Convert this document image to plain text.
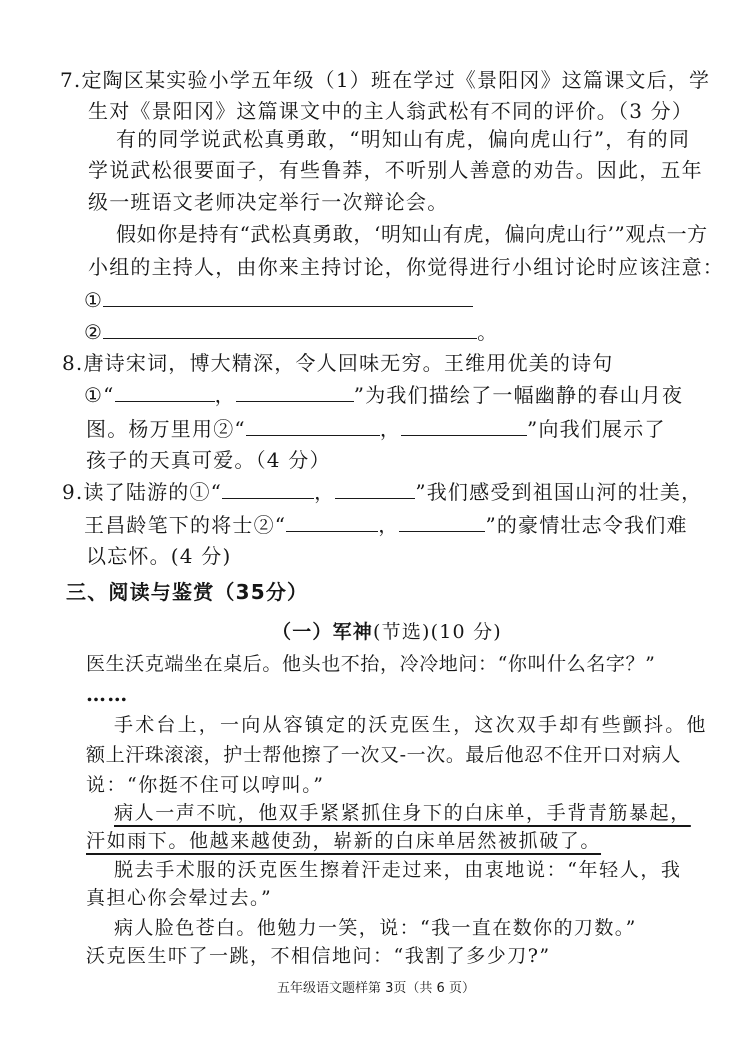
7.定陶区某实验小学五年级（1）班在学过《景阳冈》这篇课文后，学
生对《景阳冈》这篇课文中的主人翁武松有不同的评价。（3 分）
有的同学说武松真勇敢，“明知山有虎，偏向虎山行”，有的同
学说武松很要面子，有些鲁莽，不听别人善意的劝告。因此，五年
级一班语文老师决定举行一次辩论会。
假如你是持有“武松真勇敢，‘明知山有虎，偏向虎山行’”观点一方
小组的主持人，由你来主持讨论，你觉得进行小组讨论时应该注意：
①
②	。
8.唐诗宋词，博大精深，令人回味无穷。王维用优美的诗句
①“	，	”为我们描绘了一幅幽静的春山月夜
图。杨万里用②“	，	”向我们展示了
孩子的天真可爱。（4 分）
9.读了陆游的①“	，	”我们感受到祖国山河的壮美，
王昌龄笔下的将士②“	，	”的豪情壮志令我们难
以忘怀。(4 分)
三、阅读与鉴赏（35分）
（一）军神(节选)(10 分)
医生沃克端坐在桌后。他头也不抬，冷冷地问：“你叫什么名字？”
……
手术台上，一向从容镇定的沃克医生，这次双手却有些颤抖。他
额上汗珠滚滚，护士帮他擦了一次又-一次。最后他忍不住开口对病人
说：“你挺不住可以哼叫。”
病人一声不吭，他双手紧紧抓住身下的白床单，手背青筋暴起，
汗如雨下。他越来越使劲，崭新的白床单居然被抓破了。
脱去手术服的沃克医生擦着汗走过来，由衷地说：“年轻人，我
真担心你会晕过去。”
病人脸色苍白。他勉力一笑，说：“我一直在数你的刀数。”
沃克医生吓了一跳，不相信地问：“我割了多少刀?”
五年级语文题样第 3页（共 6 页）
